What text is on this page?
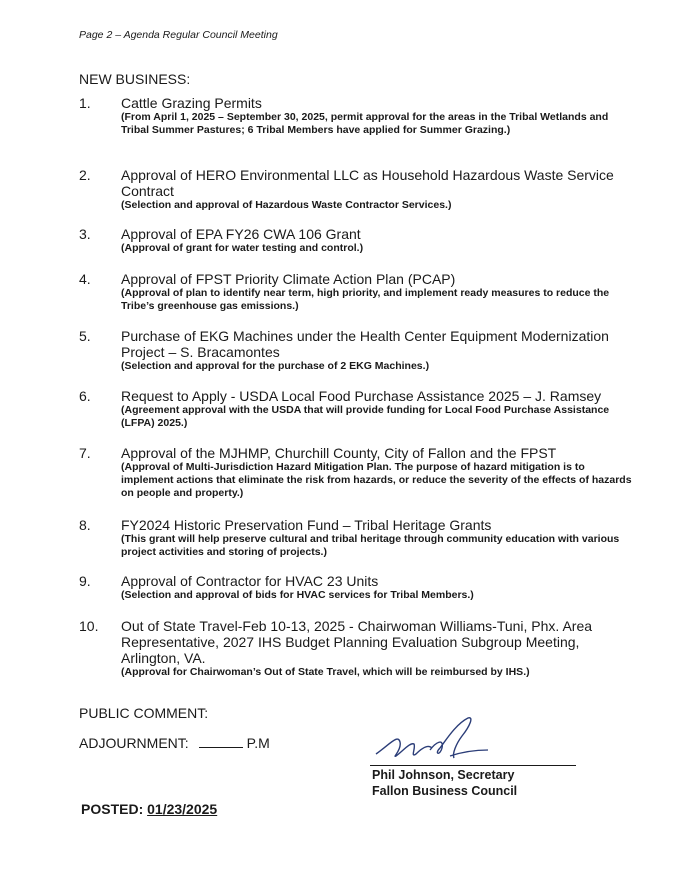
Page 2 – Agenda Regular Council Meeting
NEW BUSINESS:
1. Cattle Grazing Permits
(From April 1, 2025 – September 30, 2025, permit approval for the areas in the Tribal Wetlands and Tribal Summer Pastures; 6 Tribal Members have applied for Summer Grazing.)
2. Approval of HERO Environmental LLC as Household Hazardous Waste Service Contract
(Selection and approval of Hazardous Waste Contractor Services.)
3. Approval of EPA FY26 CWA 106 Grant
(Approval of grant for water testing and control.)
4. Approval of FPST Priority Climate Action Plan (PCAP)
(Approval of plan to identify near term, high priority, and implement ready measures to reduce the Tribe’s greenhouse gas emissions.)
5. Purchase of EKG Machines under the Health Center Equipment Modernization Project – S. Bracamontes
(Selection and approval for the purchase of 2 EKG Machines.)
6. Request to Apply - USDA Local Food Purchase Assistance 2025 – J. Ramsey
(Agreement approval with the USDA that will provide funding for Local Food Purchase Assistance (LFPA) 2025.)
7. Approval of the MJHMP, Churchill County, City of Fallon and the FPST
(Approval of Multi-Jurisdiction Hazard Mitigation Plan. The purpose of hazard mitigation is to implement actions that eliminate the risk from hazards, or reduce the severity of the effects of hazards on people and property.)
8. FY2024 Historic Preservation Fund – Tribal Heritage Grants
(This grant will help preserve cultural and tribal heritage through community education with various project activities and storing of projects.)
9. Approval of Contractor for HVAC 23 Units
(Selection and approval of bids for HVAC services for Tribal Members.)
10. Out of State Travel-Feb 10-13, 2025 - Chairwoman Williams-Tuni, Phx. Area Representative, 2027 IHS Budget Planning Evaluation Subgroup Meeting, Arlington, VA.
(Approval for Chairwoman’s Out of State Travel, which will be reimbursed by IHS.)
PUBLIC COMMENT:
ADJOURNMENT:	P.M
Phil Johnson, Secretary
Fallon Business Council
POSTED: 01/23/2025
